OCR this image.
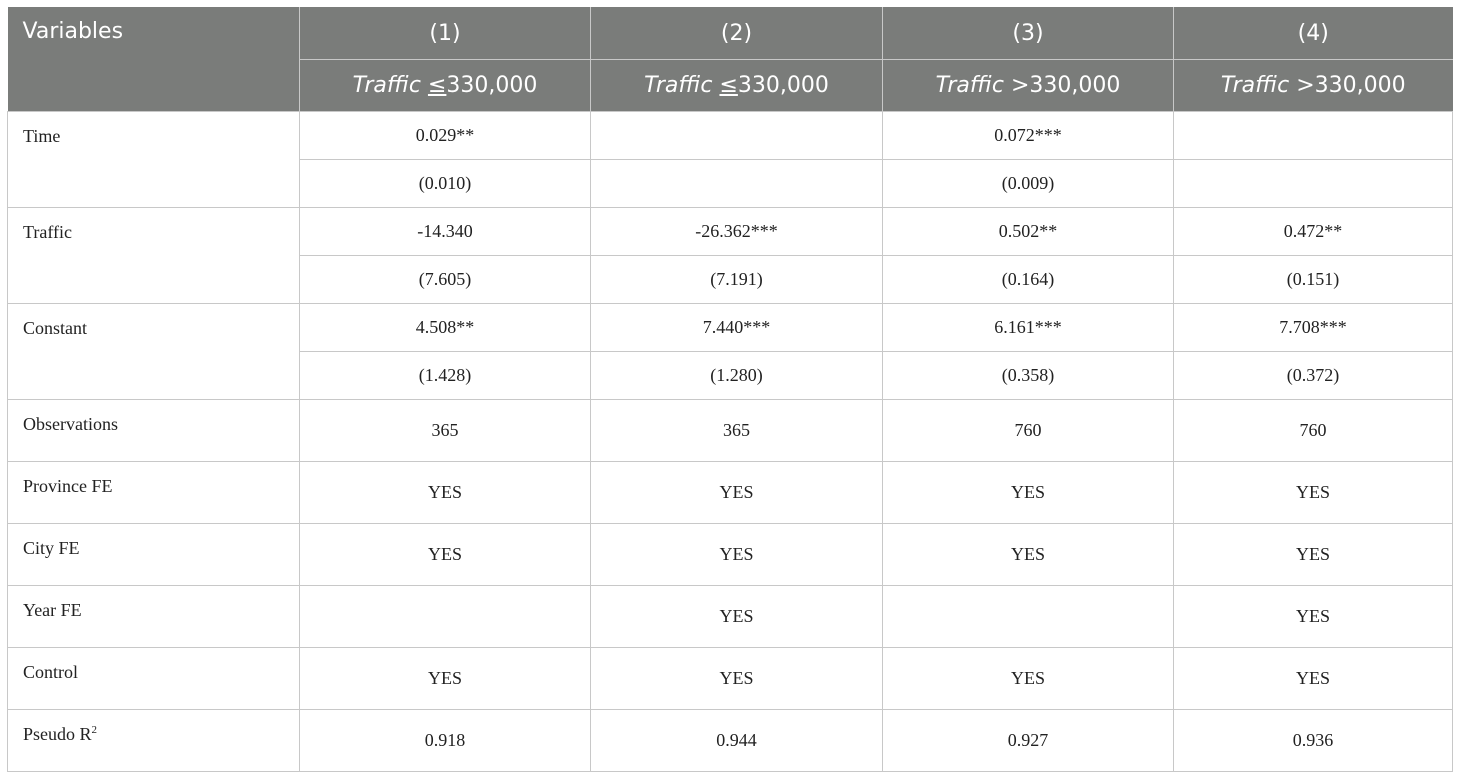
Variables	(1)	(2)	(3)	(4)
	Traffic ≤330,000	Traffic ≤330,000	Traffic >330,000	Traffic >330,000
Time	0.029**		0.072***	
	(0.010)		(0.009)	
Traffic	-14.340	-26.362***	0.502**	0.472**
	(7.605)	(7.191)	(0.164)	(0.151)
Constant	4.508**	7.440***	6.161***	7.708***
	(1.428)	(1.280)	(0.358)	(0.372)
Observations	365	365	760	760
Province FE	YES	YES	YES	YES
City FE	YES	YES	YES	YES
Year FE		YES		YES
Control	YES	YES	YES	YES
Pseudo $R^2$	0.918	0.944	0.927	0.936
